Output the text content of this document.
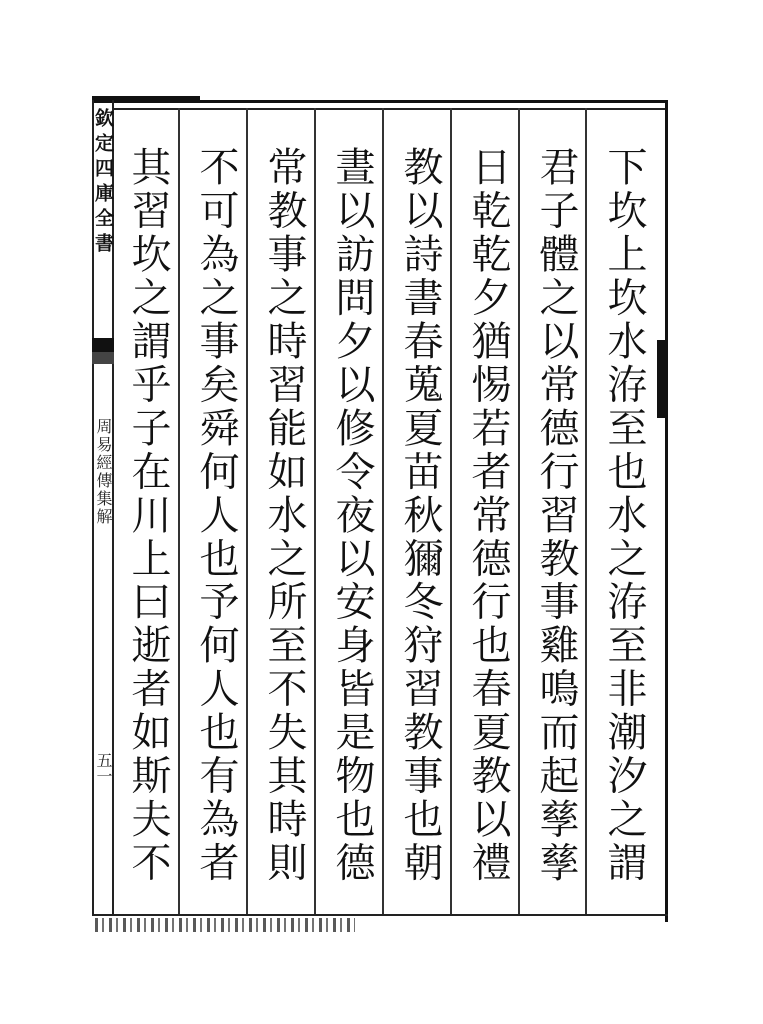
欽定四庫全書
周易經傳集解
五一
下坎上坎水洊至也水之洊至非潮汐之謂
君子體之以常德行習教事雞鳴而起孳孳
日乾乾夕猶惕若者常德行也春夏教以禮
教以詩書春蒐夏苗秋獮冬狩習教事也朝
晝以訪問夕以修令夜以安身皆是物也德
常教事之時習能如水之所至不失其時則
不可為之事矣舜何人也予何人也有為者
其習坎之謂乎子在川上曰逝者如斯夫不
